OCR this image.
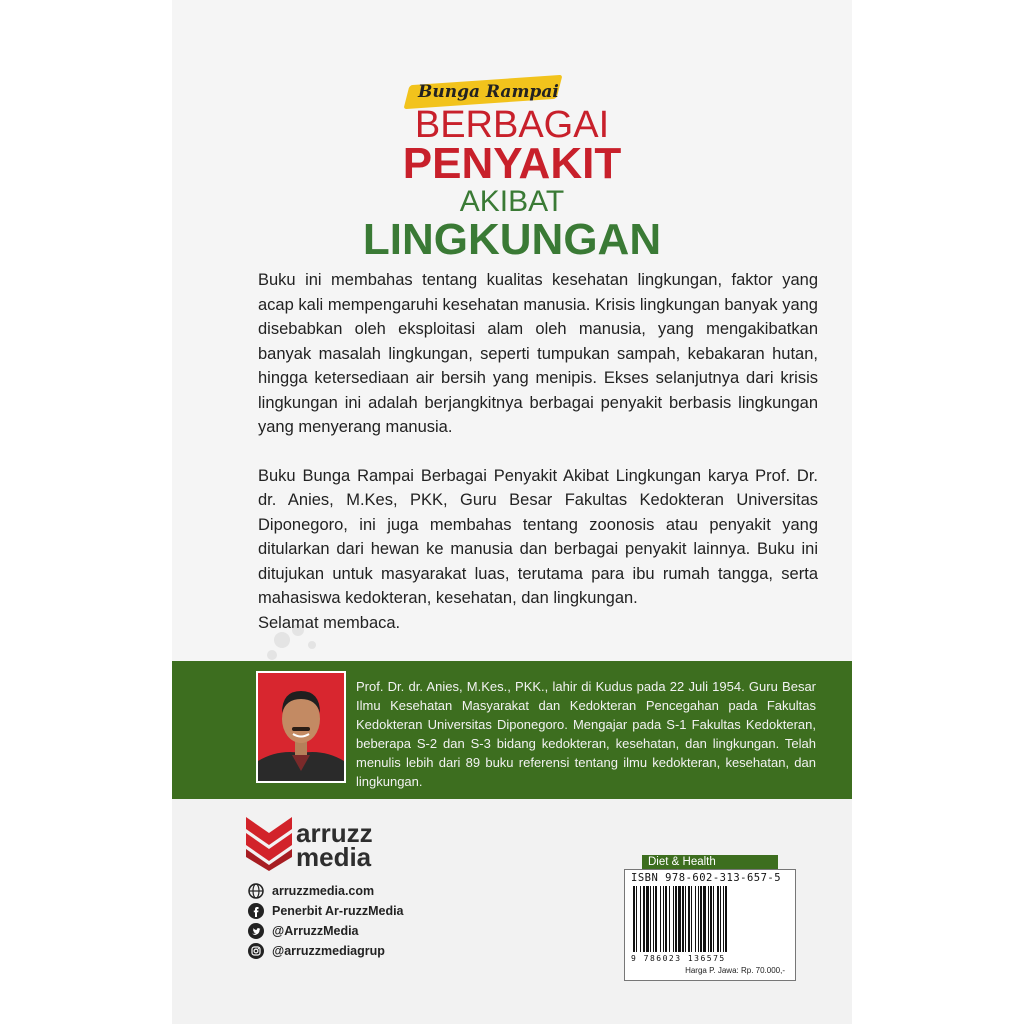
Bunga Rampai
BERBAGAI
PENYAKIT
AKIBAT
LINGKUNGAN

Buku ini membahas tentang kualitas kesehatan lingkungan, faktor yang acap kali mempengaruhi kesehatan manusia. Krisis lingkungan banyak yang disebabkan oleh eksploitasi alam oleh manusia, yang mengakibatkan banyak masalah lingkungan, seperti tumpukan sampah, kebakaran hutan, hingga ketersediaan air bersih yang menipis. Ekses selanjutnya dari krisis lingkungan ini adalah berjangkitnya berbagai penyakit berbasis lingkungan yang menyerang manusia.

Buku Bunga Rampai Berbagai Penyakit Akibat Lingkungan karya Prof. Dr. dr. Anies, M.Kes, PKK, Guru Besar Fakultas Kedokteran Universitas Diponegoro, ini juga membahas tentang zoonosis atau penyakit yang ditularkan dari hewan ke manusia dan berbagai penyakit lainnya. Buku ini ditujukan untuk masyarakat luas, terutama para ibu rumah tangga, serta mahasiswa kedokteran, kesehatan, dan lingkungan.

Selamat membaca.

Prof. Dr. dr. Anies, M.Kes., PKK., lahir di Kudus pada 22 Juli 1954. Guru Besar Ilmu Kesehatan Masyarakat dan Kedokteran Pencegahan pada Fakultas Kedokteran Universitas Diponegoro. Mengajar pada S-1 Fakultas Kedokteran, beberapa S-2 dan S-3 bidang kedokteran, kesehatan, dan lingkungan. Telah menulis lebih dari 89 buku referensi tentang ilmu kedokteran, kesehatan, dan lingkungan.
arruzz
media
arruzzmedia.com
Penerbit Ar-ruzzMedia
@ArruzzMedia
@arruzzmediagrup
Diet & Health
ISBN 978-602-313-657-5
9 786023 136575
Harga P. Jawa: Rp. 70.000,-
